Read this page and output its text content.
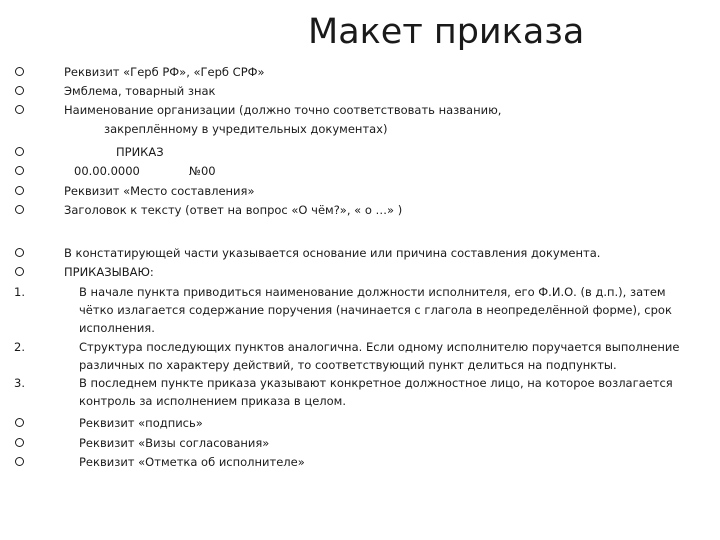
Макет приказа
Реквизит «Герб РФ», «Герб СРФ»
Эмблема, товарный знак
Наименование организации (должно точно соответствовать названию,
закреплённому в учредительных документах)
ПРИКАЗ
00.00.0000	№00
Реквизит «Место составления»
Заголовок к тексту (ответ на вопрос «О чём?», « о …» )
В констатирующей части указывается основание или причина составления документа.
ПРИКАЗЫВАЮ:
1.	В начале пункта приводиться наименование должности исполнителя, его Ф.И.О. (в д.п.), затем
чётко излагается содержание поручения (начинается с глагола в неопределённой форме), срок
исполнения.
2.	Структура последующих пунктов аналогична. Если одному исполнителю поручается выполнение
различных по характеру действий, то соответствующий пункт делиться на подпункты.
3.	В последнем пункте приказа указывают конкретное должностное лицо, на которое возлагается
контроль за исполнением приказа в целом.
Реквизит «подпись»
Реквизит «Визы согласования»
Реквизит «Отметка об исполнителе»
